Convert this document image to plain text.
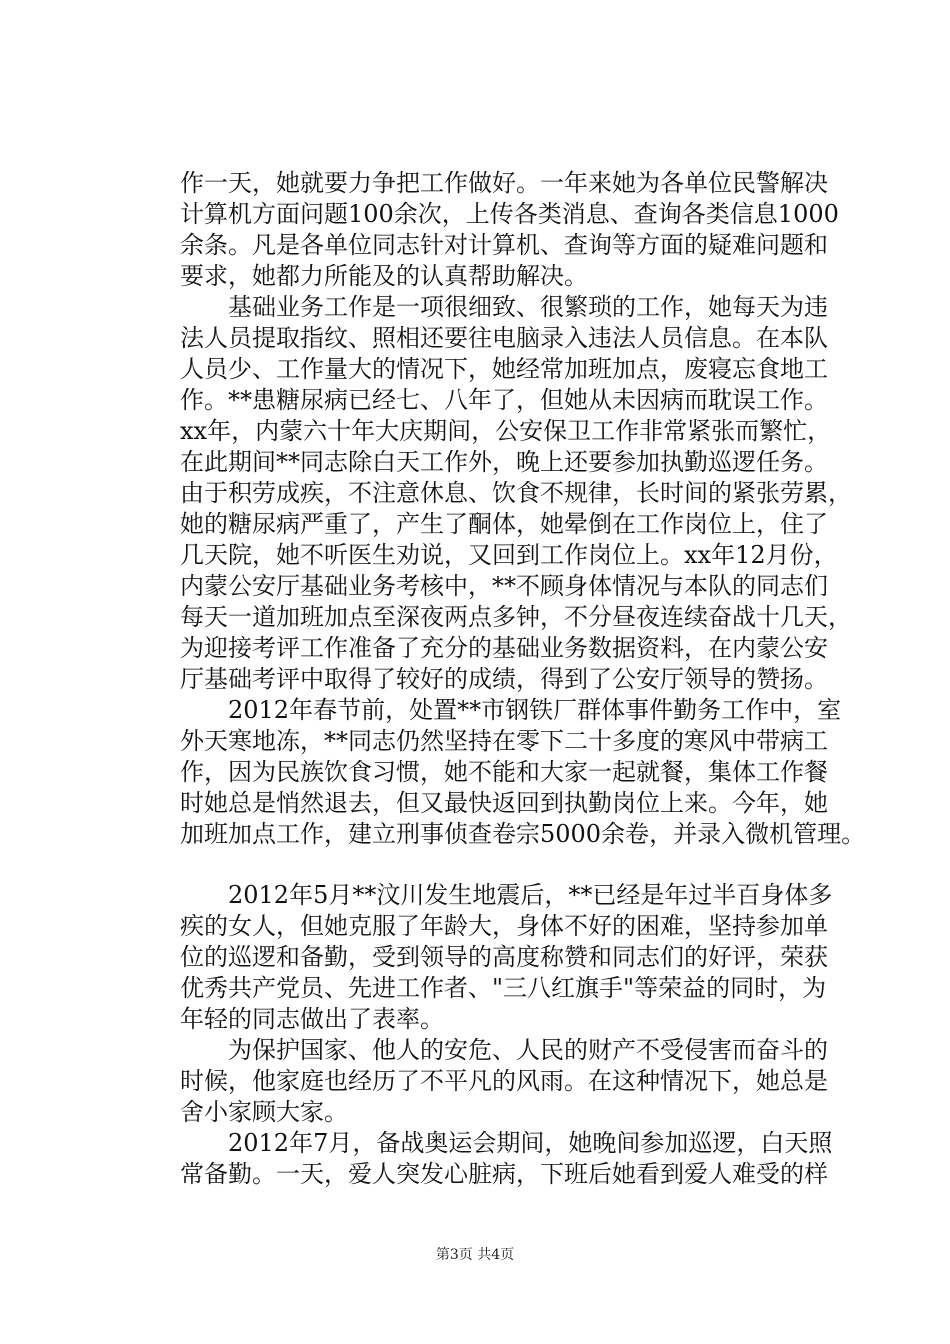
作一天，她就要力争把工作做好。一年来她为各单位民警解决
计算机方面问题100余次，上传各类消息、查询各类信息1000
余条。凡是各单位同志针对计算机、查询等方面的疑难问题和
要求，她都力所能及的认真帮助解决。

　　基础业务工作是一项很细致、很繁琐的工作，她每天为违
法人员提取指纹、照相还要往电脑录入违法人员信息。在本队
人员少、工作量大的情况下，她经常加班加点，废寝忘食地工
作。**患糖尿病已经七、八年了，但她从未因病而耽误工作。
xx年，内蒙六十年大庆期间，公安保卫工作非常紧张而繁忙，
在此期间**同志除白天工作外，晚上还要参加执勤巡逻任务。
由于积劳成疾，不注意休息、饮食不规律，长时间的紧张劳累，
她的糖尿病严重了，产生了酮体，她晕倒在工作岗位上，住了
几天院，她不听医生劝说，又回到工作岗位上。xx年12月份，
内蒙公安厅基础业务考核中，**不顾身体情况与本队的同志们
每天一道加班加点至深夜两点多钟，不分昼夜连续奋战十几天，
为迎接考评工作准备了充分的基础业务数据资料，在内蒙公安
厅基础考评中取得了较好的成绩，得到了公安厅领导的赞扬。

　　2012年春节前，处置**市钢铁厂群体事件勤务工作中，室
外天寒地冻，**同志仍然坚持在零下二十多度的寒风中带病工
作，因为民族饮食习惯，她不能和大家一起就餐，集体工作餐
时她总是悄然退去，但又最快返回到执勤岗位上来。今年，她
加班加点工作，建立刑事侦查卷宗5000余卷，并录入微机管理。

　　2012年5月**汶川发生地震后，**已经是年过半百身体多
疾的女人，但她克服了年龄大，身体不好的困难，坚持参加单
位的巡逻和备勤，受到领导的高度称赞和同志们的好评，荣获
优秀共产党员、先进工作者、"三八红旗手"等荣益的同时，为
年轻的同志做出了表率。

　　为保护国家、他人的安危、人民的财产不受侵害而奋斗的
时候，他家庭也经历了不平凡的风雨。在这种情况下，她总是
舍小家顾大家。

　　2012年7月，备战奥运会期间，她晚间参加巡逻，白天照
常备勤。一天，爱人突发心脏病，下班后她看到爱人难受的样

第3页 共4页
